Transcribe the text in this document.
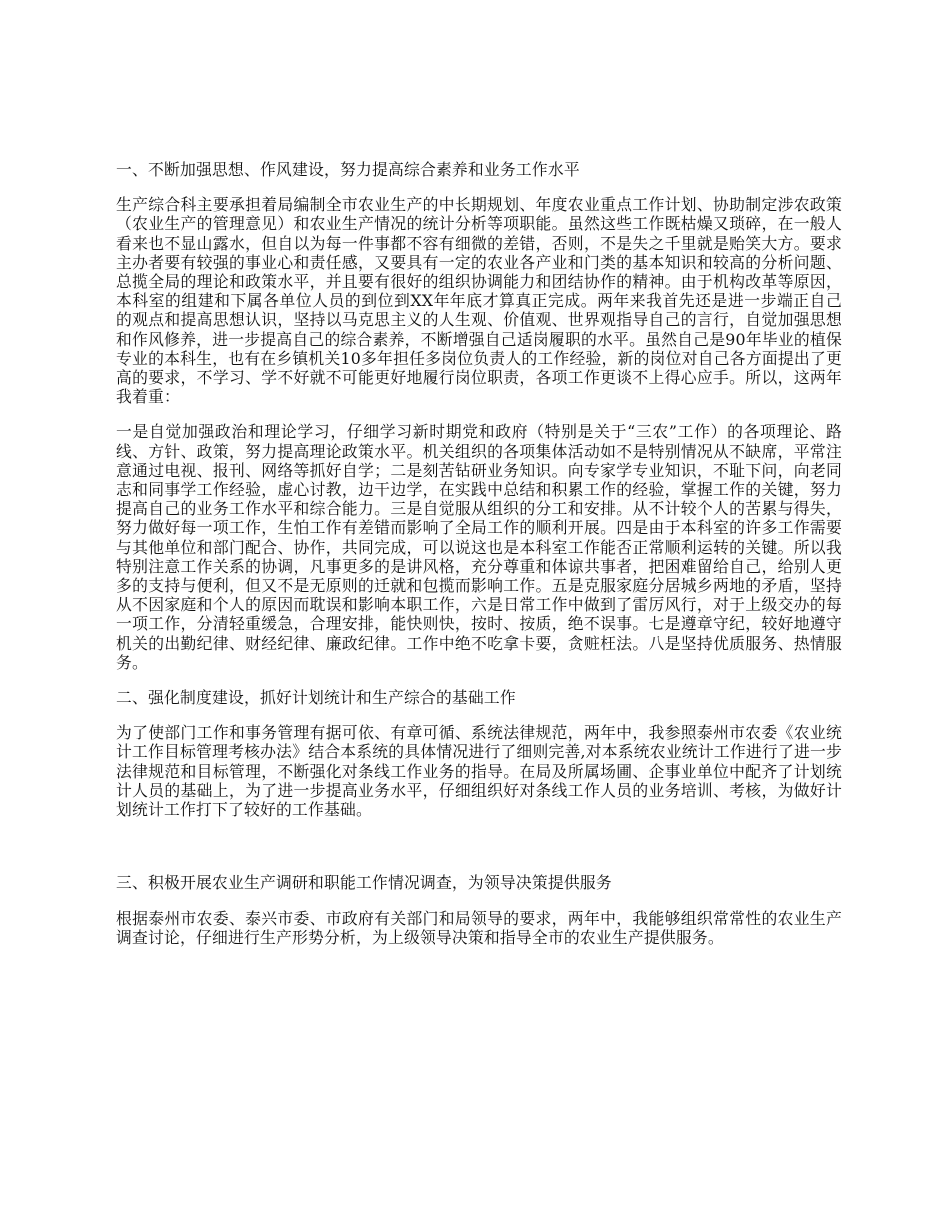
一、不断加强思想、作风建设，努力提高综合素养和业务工作水平

生产综合科主要承担着局编制全市农业生产的中长期规划、年度农业重点工作计划、协助制定涉农政策（农业生产的管理意见）和农业生产情况的统计分析等项职能。虽然这些工作既枯燥又琐碎，在一般人看来也不显山露水，但自以为每一件事都不容有细微的差错，否则，不是失之千里就是贻笑大方。要求主办者要有较强的事业心和责任感，又要具有一定的农业各产业和门类的基本知识和较高的分析问题、总揽全局的理论和政策水平，并且要有很好的组织协调能力和团结协作的精神。由于机构改革等原因，本科室的组建和下属各单位人员的到位到XX年年底才算真正完成。两年来我首先还是进一步端正自己的观点和提高思想认识，坚持以马克思主义的人生观、价值观、世界观指导自己的言行，自觉加强思想和作风修养，进一步提高自己的综合素养，不断增强自己适岗履职的水平。虽然自己是90年毕业的植保专业的本科生，也有在乡镇机关10多年担任多岗位负责人的工作经验，新的岗位对自己各方面提出了更高的要求，不学习、学不好就不可能更好地履行岗位职责，各项工作更谈不上得心应手。所以，这两年我着重：

一是自觉加强政治和理论学习，仔细学习新时期党和政府（特别是关于“三农”工作）的各项理论、路线、方针、政策，努力提高理论政策水平。机关组织的各项集体活动如不是特别情况从不缺席，平常注意通过电视、报刊、网络等抓好自学；二是刻苦钻研业务知识。向专家学专业知识，不耻下问，向老同志和同事学工作经验，虚心讨教，边干边学，在实践中总结和积累工作的经验，掌握工作的关键，努力提高自己的业务工作水平和综合能力。三是自觉服从组织的分工和安排。从不计较个人的苦累与得失，努力做好每一项工作，生怕工作有差错而影响了全局工作的顺利开展。四是由于本科室的许多工作需要与其他单位和部门配合、协作，共同完成，可以说这也是本科室工作能否正常顺利运转的关键。所以我特别注意工作关系的协调，凡事更多的是讲风格，充分尊重和体谅共事者，把困难留给自己，给别人更多的支持与便利，但又不是无原则的迁就和包揽而影响工作。五是克服家庭分居城乡两地的矛盾，坚持从不因家庭和个人的原因而耽误和影响本职工作，六是日常工作中做到了雷厉风行，对于上级交办的每一项工作，分清轻重缓急，合理安排，能快则快，按时、按质，绝不误事。七是遵章守纪，较好地遵守机关的出勤纪律、财经纪律、廉政纪律。工作中绝不吃拿卡要，贪赃枉法。八是坚持优质服务、热情服务。

二、强化制度建设，抓好计划统计和生产综合的基础工作

为了使部门工作和事务管理有据可依、有章可循、系统法律规范，两年中，我参照泰州市农委《农业统计工作目标管理考核办法》结合本系统的具体情况进行了细则完善,对本系统农业统计工作进行了进一步法律规范和目标管理，不断强化对条线工作业务的指导。在局及所属场圃、企事业单位中配齐了计划统计人员的基础上，为了进一步提高业务水平，仔细组织好对条线工作人员的业务培训、考核，为做好计划统计工作打下了较好的工作基础。

三、积极开展农业生产调研和职能工作情况调查，为领导决策提供服务

根据泰州市农委、泰兴市委、市政府有关部门和局领导的要求，两年中，我能够组织常常性的农业生产调查讨论，仔细进行生产形势分析，为上级领导决策和指导全市的农业生产提供服务。
